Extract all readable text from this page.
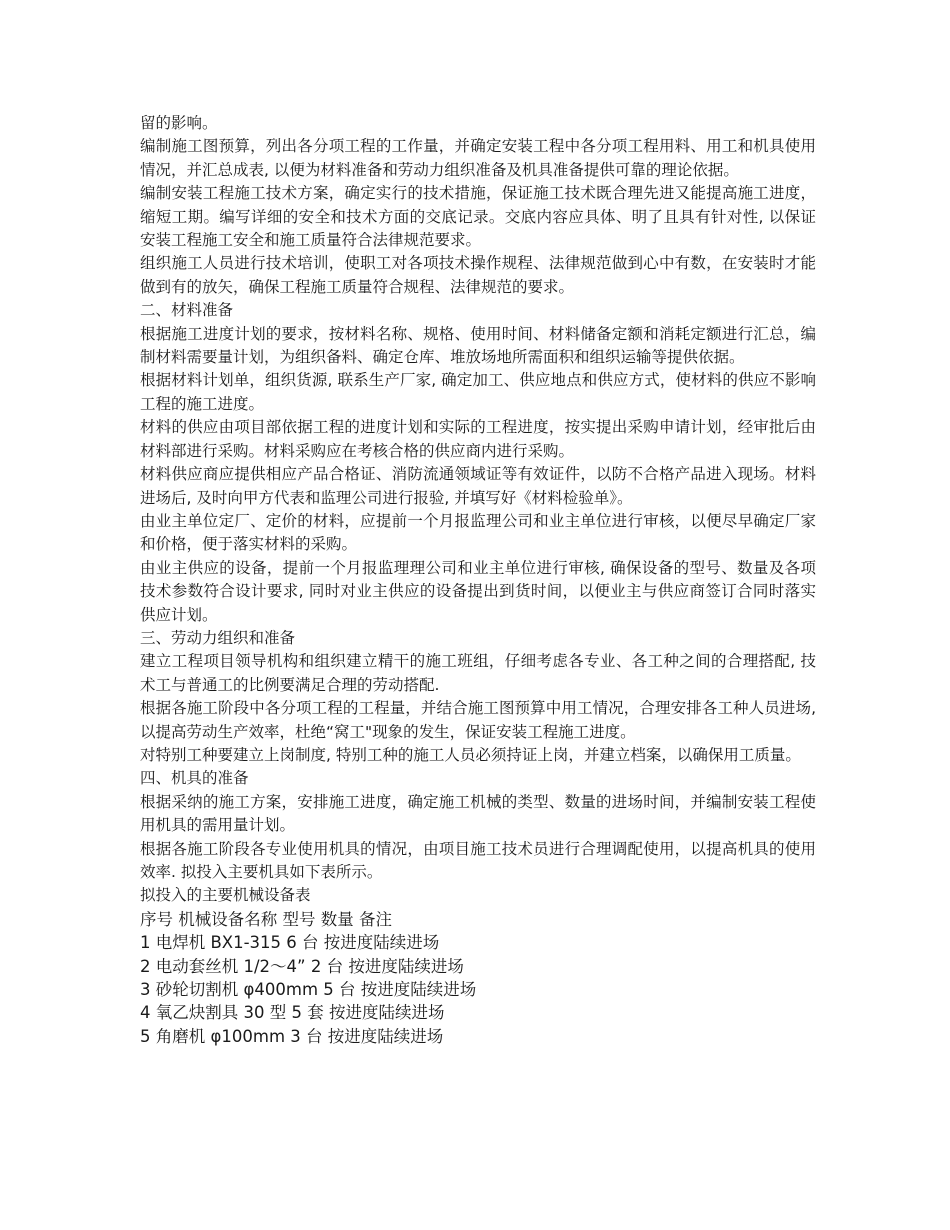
留的影响。

编制施工图预算，列出各分项工程的工作量，并确定安装工程中各分项工程用料、用工和机具使用情况，并汇总成表, 以便为材料准备和劳动力组织准备及机具准备提供可靠的理论依据。

编制安装工程施工技术方案，确定实行的技术措施，保证施工技术既合理先进又能提高施工进度，缩短工期。编写详细的安全和技术方面的交底记录。交底内容应具体、明了且具有针对性, 以保证安装工程施工安全和施工质量符合法律规范要求。

组织施工人员进行技术培训，使职工对各项技术操作规程、法律规范做到心中有数，在安装时才能做到有的放矢，确保工程施工质量符合规程、法律规范的要求。

二、材料准备

根据施工进度计划的要求，按材料名称、规格、使用时间、材料储备定额和消耗定额进行汇总，编制材料需要量计划，为组织备料、确定仓库、堆放场地所需面积和组织运输等提供依据。

根据材料计划单，组织货源, 联系生产厂家, 确定加工、供应地点和供应方式，使材料的供应不影响工程的施工进度。

材料的供应由项目部依据工程的进度计划和实际的工程进度，按实提出采购申请计划，经审批后由材料部进行采购。材料采购应在考核合格的供应商内进行采购。

材料供应商应提供相应产品合格证、消防流通领域证等有效证件，以防不合格产品进入现场。材料进场后, 及时向甲方代表和监理公司进行报验, 并填写好《材料检验单》。

由业主单位定厂、定价的材料，应提前一个月报监理公司和业主单位进行审核，以便尽早确定厂家和价格，便于落实材料的采购。

由业主供应的设备，提前一个月报监理理公司和业主单位进行审核, 确保设备的型号、数量及各项技术参数符合设计要求, 同时对业主供应的设备提出到货时间，以便业主与供应商签订合同时落实供应计划。

三、劳动力组织和准备

建立工程项目领导机构和组织建立精干的施工班组，仔细考虑各专业、各工种之间的合理搭配, 技术工与普通工的比例要满足合理的劳动搭配.

根据各施工阶段中各分项工程的工程量，并结合施工图预算中用工情况，合理安排各工种人员进场, 以提高劳动生产效率，杜绝“窝工"现象的发生，保证安装工程施工进度。

对特别工种要建立上岗制度, 特别工种的施工人员必须持证上岗，并建立档案，以确保用工质量。

四、机具的准备

根据采纳的施工方案，安排施工进度，确定施工机械的类型、数量的进场时间，并编制安装工程使用机具的需用量计划。

根据各施工阶段各专业使用机具的情况，由项目施工技术员进行合理调配使用，以提高机具的使用效率. 拟投入主要机具如下表所示。

拟投入的主要机械设备表

序号 机械设备名称 型号 数量 备注

1 电焊机 BX1-315 6 台 按进度陆续进场

2 电动套丝机 1/2～4” 2 台 按进度陆续进场

3 砂轮切割机 φ400mm 5 台 按进度陆续进场

4 氧乙炔割具 30 型 5 套 按进度陆续进场

5 角磨机 φ100mm 3 台 按进度陆续进场
